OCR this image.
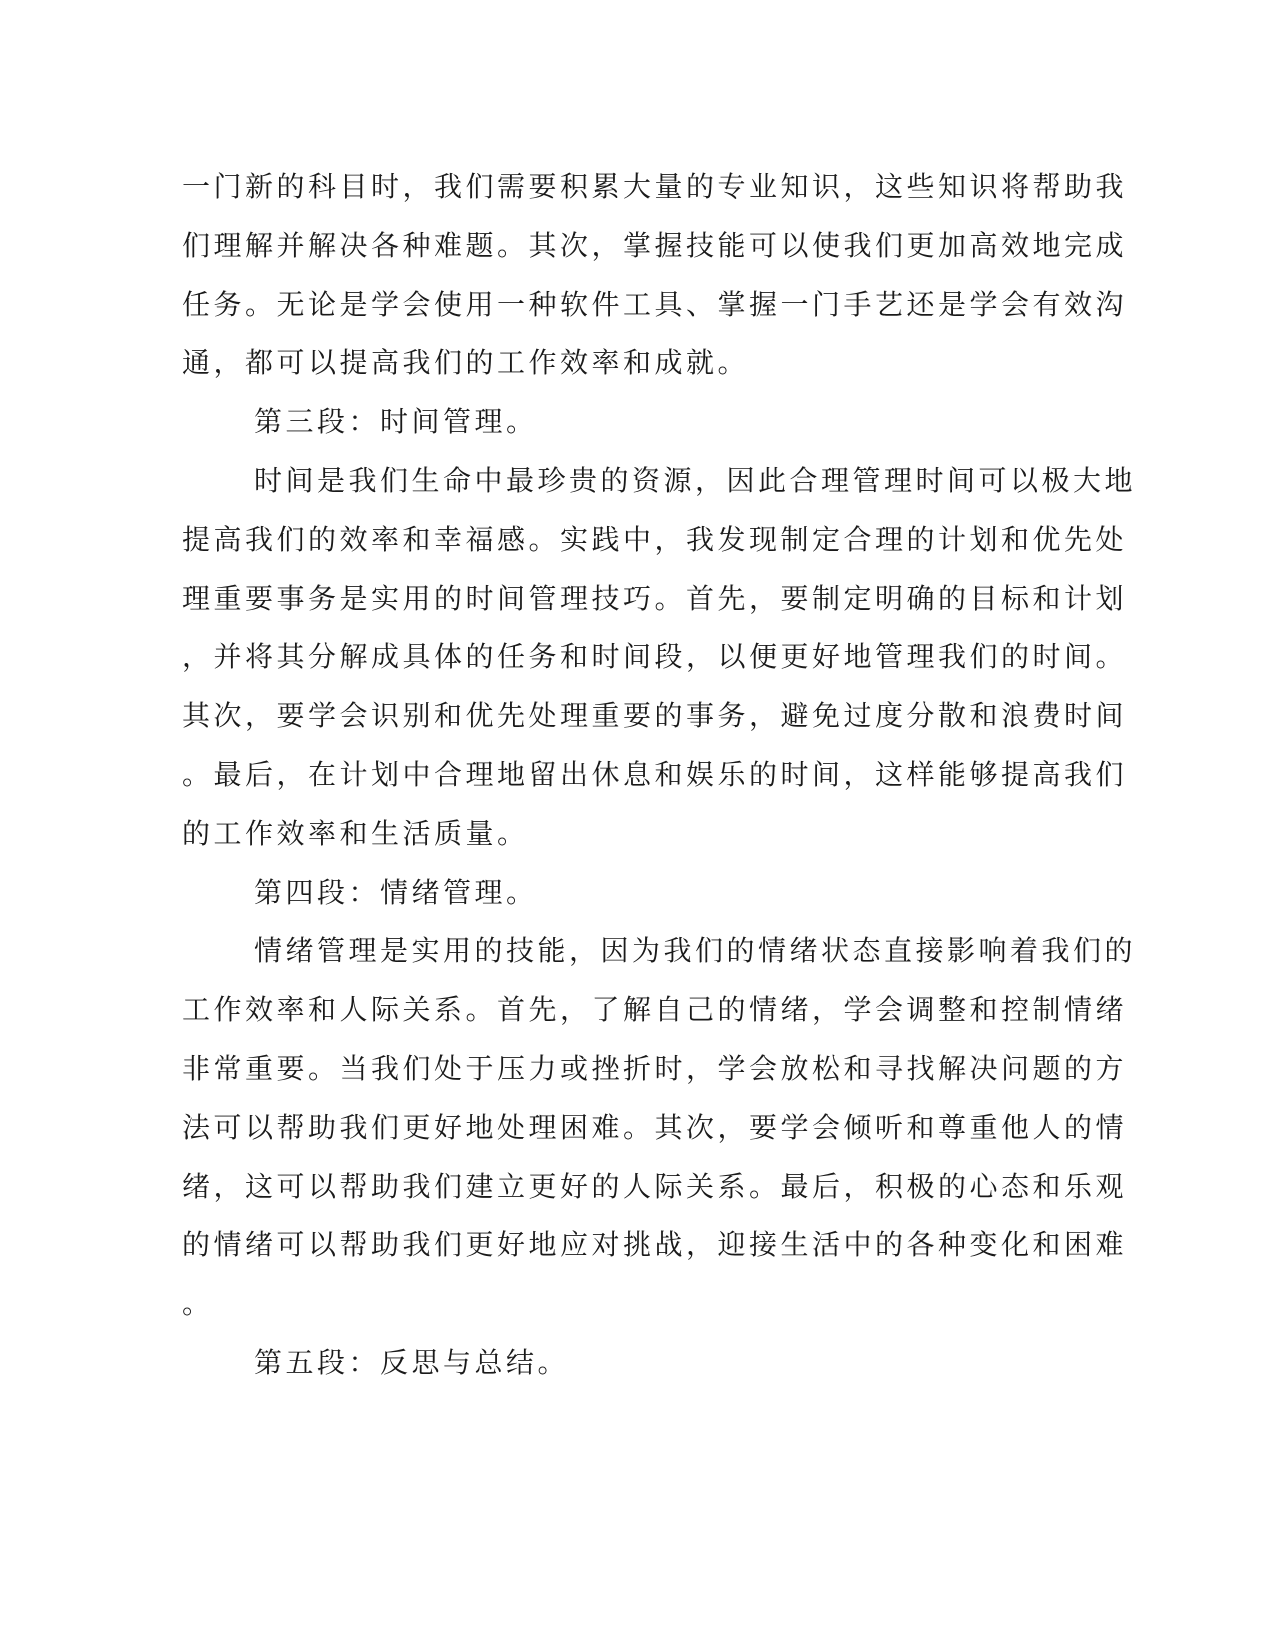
一门新的科目时，我们需要积累大量的专业知识，这些知识将帮助我
们理解并解决各种难题。其次，掌握技能可以使我们更加高效地完成
任务。无论是学会使用一种软件工具、掌握一门手艺还是学会有效沟
通，都可以提高我们的工作效率和成就。
第三段：时间管理。
时间是我们生命中最珍贵的资源，因此合理管理时间可以极大地
提高我们的效率和幸福感。实践中，我发现制定合理的计划和优先处
理重要事务是实用的时间管理技巧。首先，要制定明确的目标和计划
，并将其分解成具体的任务和时间段，以便更好地管理我们的时间。
其次，要学会识别和优先处理重要的事务，避免过度分散和浪费时间
。最后，在计划中合理地留出休息和娱乐的时间，这样能够提高我们
的工作效率和生活质量。
第四段：情绪管理。
情绪管理是实用的技能，因为我们的情绪状态直接影响着我们的
工作效率和人际关系。首先，了解自己的情绪，学会调整和控制情绪
非常重要。当我们处于压力或挫折时，学会放松和寻找解决问题的方
法可以帮助我们更好地处理困难。其次，要学会倾听和尊重他人的情
绪，这可以帮助我们建立更好的人际关系。最后，积极的心态和乐观
的情绪可以帮助我们更好地应对挑战，迎接生活中的各种变化和困难
。
第五段：反思与总结。
